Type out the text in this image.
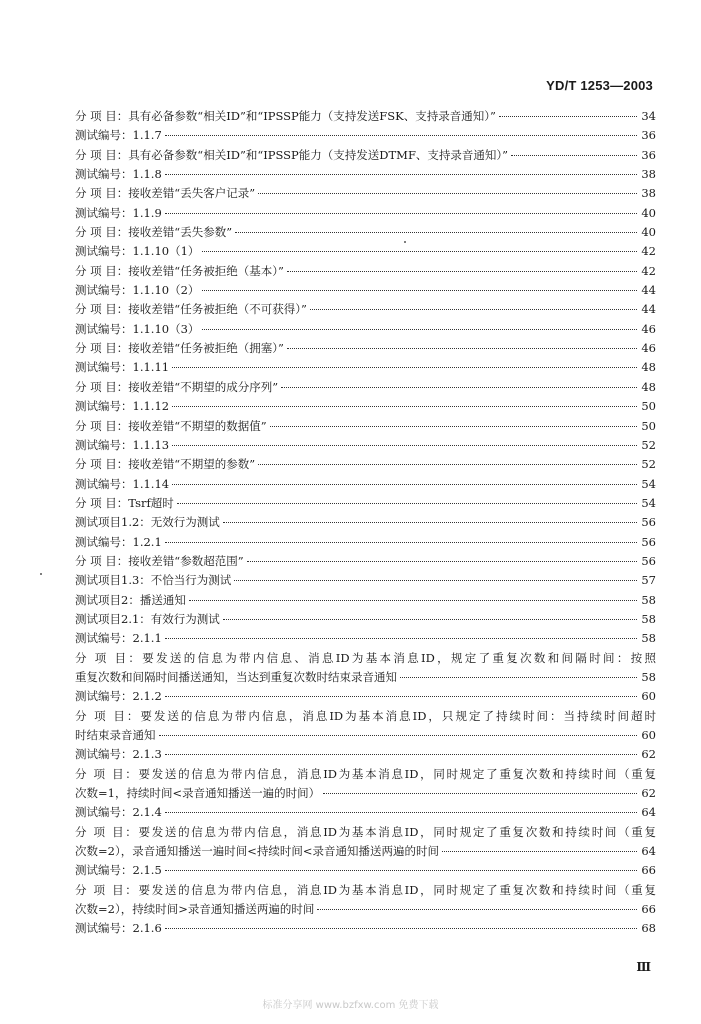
YD/T 1253—2003
分 项 目：具有必备参数“相关ID”和“IPSSP能力（支持发送FSK、支持录音通知）”	34
测试编号：1.1.7	36
分 项 目：具有必备参数“相关ID”和“IPSSP能力（支持发送DTMF、支持录音通知）”	36
测试编号：1.1.8	38
分 项 目：接收差错“丢失客户记录”	38
测试编号：1.1.9	40
分 项 目：接收差错“丢失参数”	40
测试编号：1.1.10（1）	42
分 项 目：接收差错“任务被拒绝（基本）”	42
测试编号：1.1.10（2）	44
分 项 目：接收差错“任务被拒绝（不可获得）”	44
测试编号：1.1.10（3）	46
分 项 目：接收差错“任务被拒绝（拥塞）”	46
测试编号：1.1.11	48
分 项 目：接收差错“不期望的成分序列”	48
测试编号：1.1.12	50
分 项 目：接收差错“不期望的数据值”	50
测试编号：1.1.13	52
分 项 目：接收差错“不期望的参数”	52
测试编号：1.1.14	54
分 项 目：Tsrf超时	54
测试项目1.2：无效行为测试	56
测试编号：1.2.1	56
分 项 目：接收差错“参数超范围”	56
测试项目1.3：不恰当行为测试	57
测试项目2：播送通知	58
测试项目2.1：有效行为测试	58
测试编号：2.1.1	58
分 项 目：要发送的信息为带内信息、消息ID为基本消息ID，规定了重复次数和间隔时间：按照
重复次数和间隔时间播送通知，当达到重复次数时结束录音通知	58
测试编号：2.1.2	60
分 项 目：要发送的信息为带内信息，消息ID为基本消息ID，只规定了持续时间：当持续时间超时
时结束录音通知	60
测试编号：2.1.3	62
分 项 目：要发送的信息为带内信息，消息ID为基本消息ID，同时规定了重复次数和持续时间（重复
次数=1，持续时间<录音通知播送一遍的时间）	62
测试编号：2.1.4	64
分 项 目：要发送的信息为带内信息，消息ID为基本消息ID，同时规定了重复次数和持续时间（重复
次数=2），录音通知播送一遍时间<持续时间<录音通知播送两遍的时间	64
测试编号：2.1.5	66
分 项 目：要发送的信息为带内信息，消息ID为基本消息ID，同时规定了重复次数和持续时间（重复
次数=2），持续时间>录音通知播送两遍的时间	66
测试编号：2.1.6	68
Ⅲ
标准分享网 www.bzfxw.com 免费下载
